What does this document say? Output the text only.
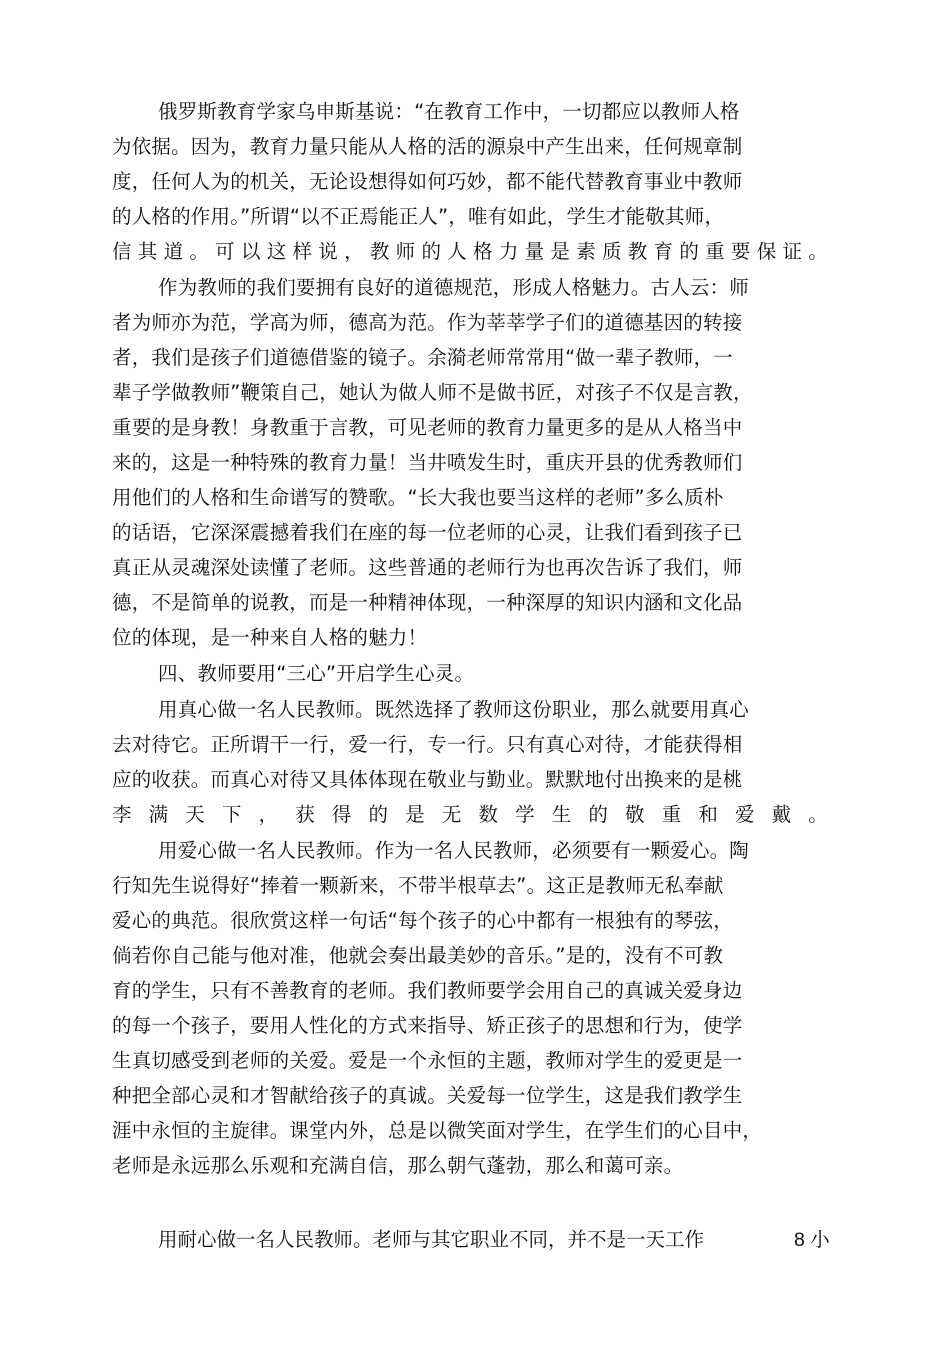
俄罗斯教育学家乌申斯基说：“在教育工作中，一切都应以教师人格
为依据。因为，教育力量只能从人格的活的源泉中产生出来，任何规章制
度，任何人为的机关，无论设想得如何巧妙，都不能代替教育事业中教师
的人格的作用。”所谓“以不正焉能正人”，唯有如此，学生才能敬其师，
信其道。可以这样说，教师的人格力量是素质教育的重要保证。
作为教师的我们要拥有良好的道德规范，形成人格魅力。古人云：师
者为师亦为范，学高为师，德高为范。作为莘莘学子们的道德基因的转接
者，我们是孩子们道德借鉴的镜子。余漪老师常常用“做一辈子教师，一
辈子学做教师”鞭策自己，她认为做人师不是做书匠，对孩子不仅是言教，
重要的是身教！身教重于言教，可见老师的教育力量更多的是从人格当中
来的，这是一种特殊的教育力量！当井喷发生时，重庆开县的优秀教师们
用他们的人格和生命谱写的赞歌。“长大我也要当这样的老师”多么质朴
的话语，它深深震撼着我们在座的每一位老师的心灵，让我们看到孩子已
真正从灵魂深处读懂了老师。这些普通的老师行为也再次告诉了我们，师
德，不是简单的说教，而是一种精神体现，一种深厚的知识内涵和文化品
位的体现，是一种来自人格的魅力！
四、教师要用“三心”开启学生心灵。
用真心做一名人民教师。既然选择了教师这份职业，那么就要用真心
去对待它。正所谓干一行，爱一行，专一行。只有真心对待，才能获得相
应的收获。而真心对待又具体体现在敬业与勤业。默默地付出换来的是桃
李满天下，获得的是无数学生的敬重和爱戴。
用爱心做一名人民教师。作为一名人民教师，必须要有一颗爱心。陶
行知先生说得好“捧着一颗新来，不带半根草去”。这正是教师无私奉献
爱心的典范。很欣赏这样一句话“每个孩子的心中都有一根独有的琴弦，
倘若你自己能与他对准，他就会奏出最美妙的音乐。”是的，没有不可教
育的学生，只有不善教育的老师。我们教师要学会用自己的真诚关爱身边
的每一个孩子，要用人性化的方式来指导、矫正孩子的思想和行为，使学
生真切感受到老师的关爱。爱是一个永恒的主题，教师对学生的爱更是一
种把全部心灵和才智献给孩子的真诚。关爱每一位学生，这是我们教学生
涯中永恒的主旋律。课堂内外，总是以微笑面对学生，在学生们的心目中，
老师是永远那么乐观和充满自信，那么朝气蓬勃，那么和蔼可亲。
用耐心做一名人民教师。老师与其它职业不同，并不是一天工作	8 小
